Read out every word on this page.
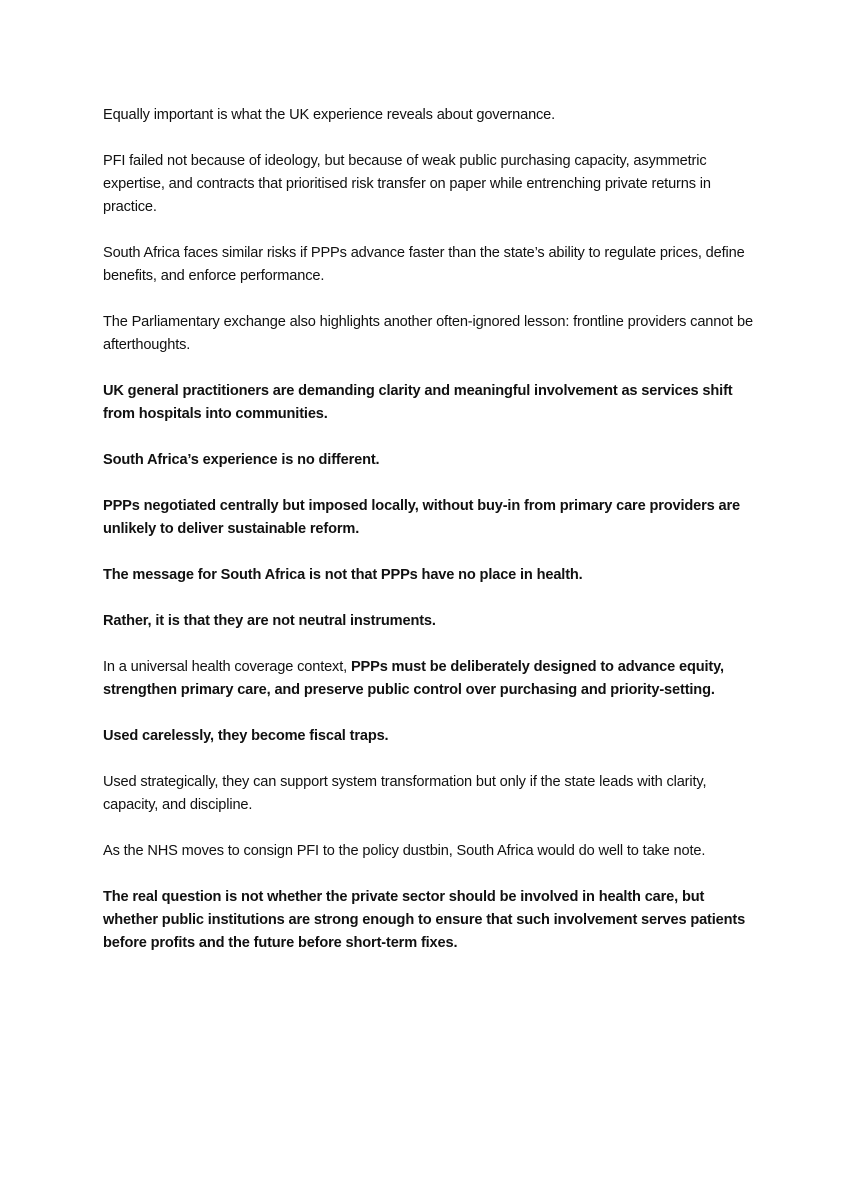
Equally important is what the UK experience reveals about governance.

PFI failed not because of ideology, but because of weak public purchasing capacity, asymmetric expertise, and contracts that prioritised risk transfer on paper while entrenching private returns in practice.

South Africa faces similar risks if PPPs advance faster than the state’s ability to regulate prices, define benefits, and enforce performance.

The Parliamentary exchange also highlights another often-ignored lesson: frontline providers cannot be afterthoughts.

UK general practitioners are demanding clarity and meaningful involvement as services shift from hospitals into communities.

South Africa’s experience is no different.

PPPs negotiated centrally but imposed locally, without buy-in from primary care providers are unlikely to deliver sustainable reform.

The message for South Africa is not that PPPs have no place in health.

Rather, it is that they are not neutral instruments.

In a universal health coverage context, PPPs must be deliberately designed to advance equity, strengthen primary care, and preserve public control over purchasing and priority-setting.

Used carelessly, they become fiscal traps.

Used strategically, they can support system transformation but only if the state leads with clarity, capacity, and discipline.

As the NHS moves to consign PFI to the policy dustbin, South Africa would do well to take note.

The real question is not whether the private sector should be involved in health care, but whether public institutions are strong enough to ensure that such involvement serves patients before profits and the future before short-term fixes.
